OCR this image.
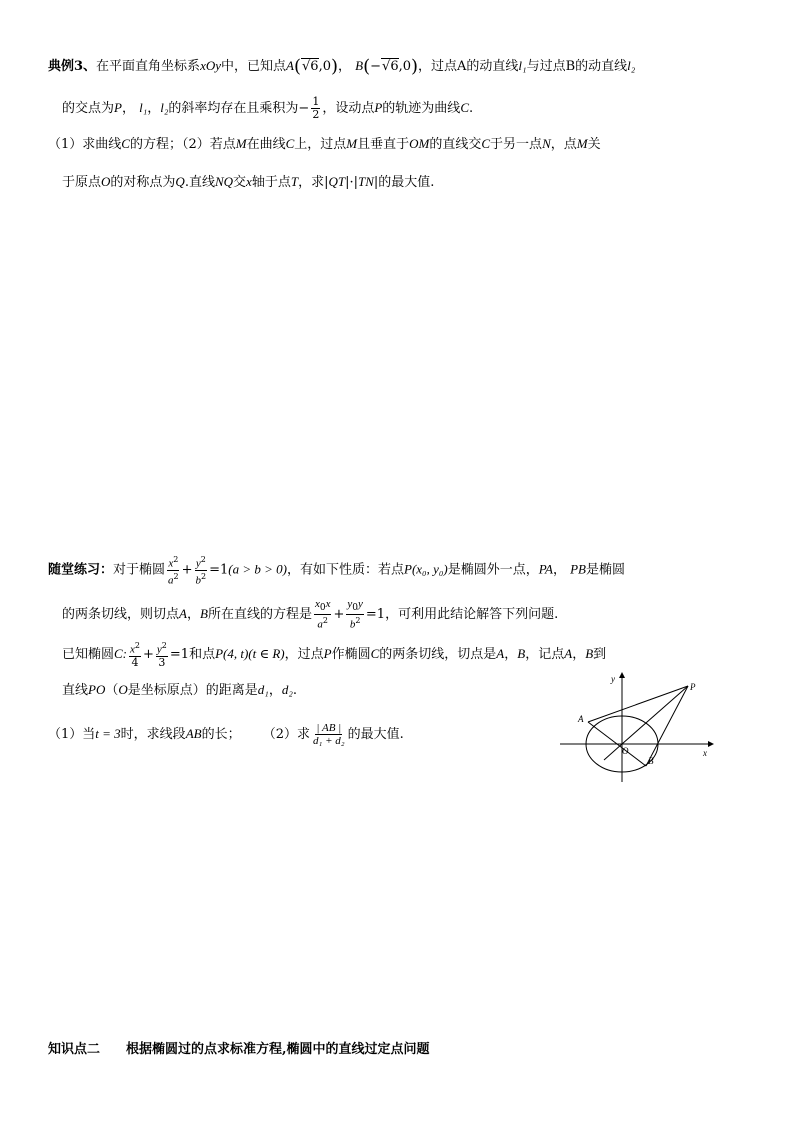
典例3、在平面直角坐标系xOy中，已知点A(√6,0)， B(−√6,0)，过点A的动直线l₁与过点B的动直线l₂
的交点为P， l₁，l₂的斜率均存在且乘积为− $\frac{1}{2}$ ，设动点P的轨迹为曲线C.
（1）求曲线C的方程；（2）若点M在曲线C上，过点M且垂直于OM的直线交C于另一点N，点M关
于原点O的对称点为Q.直线NQ交x轴于点T，求|QT|·|TN|的最大值.
随堂练习：对于椭圆 $\frac{x^2}{a^2} + \frac{y^2}{b^2} =1(a > b > 0)$，有如下性质：若点P(x₀, y₀)是椭圆外一点，PA， PB是椭圆
的两条切线，则切点A，B所在直线的方程是 $\frac{x_0x}{a^2} + \frac{y_0y}{b^2} =1$，可利用此结论解答下列问题.
已知椭圆C: $\frac{x^2}{4} + \frac{y^2}{3} =1$和点P(4, t)(t ∈ R)，过点P作椭圆C的两条切线，切点是A，B，记点A，B到
直线PO（O是坐标原点）的距离是d₁，d₂.
（1）当t = 3时，求线段AB的长； （2）求 $\frac{| AB |}{\text{d₁ + d₂}}$ 的最大值.
y
x
P
A
B
O
知识点二 根据椭圆过的点求标准方程,椭圆中的直线过定点问题
